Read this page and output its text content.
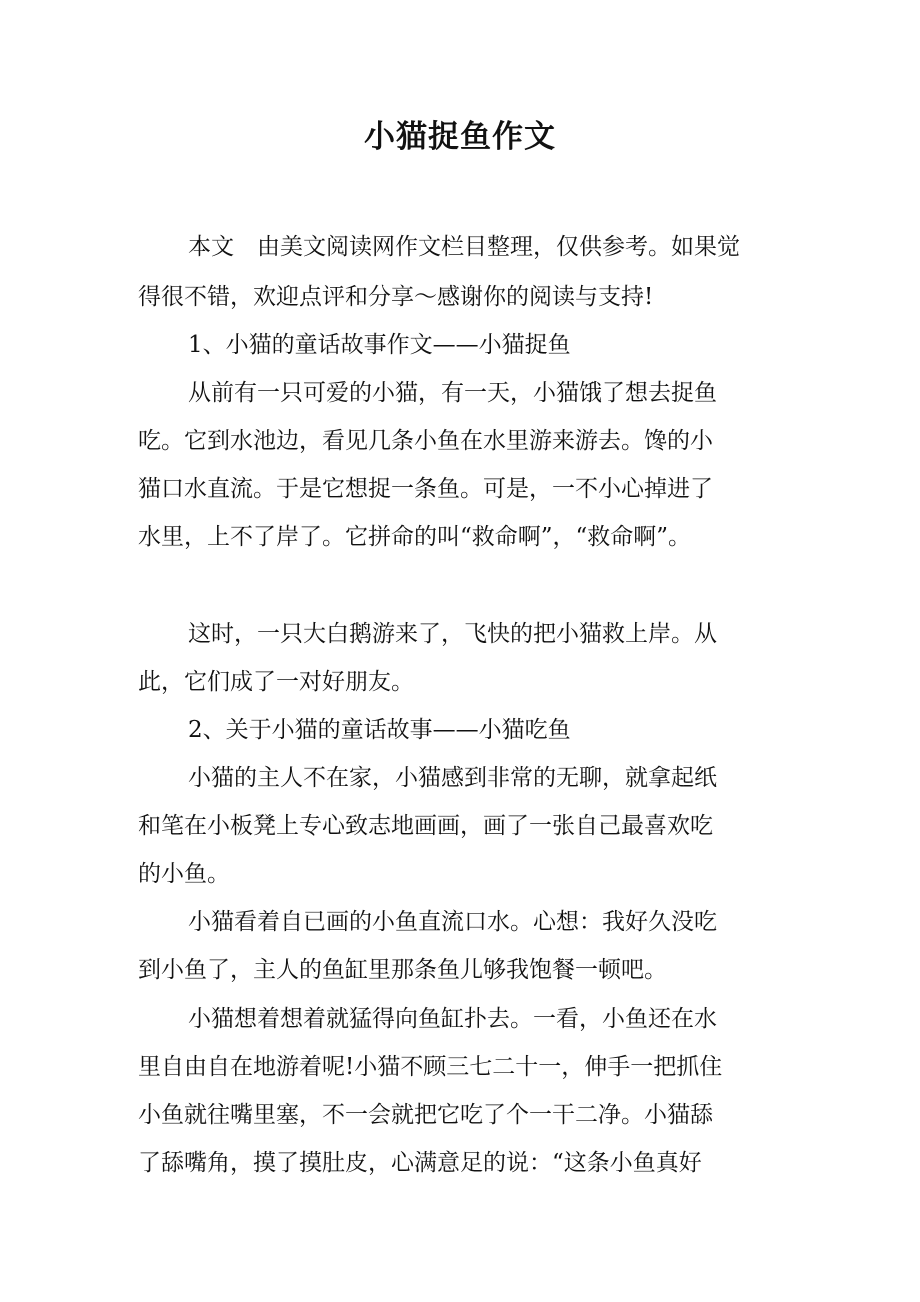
小猫捉鱼作文

本文　由美文阅读网作文栏目整理，仅供参考。如果觉

得很不错，欢迎点评和分享～感谢你的阅读与支持!

1、小猫的童话故事作文——小猫捉鱼

从前有一只可爱的小猫，有一天，小猫饿了想去捉鱼

吃。它到水池边，看见几条小鱼在水里游来游去。馋的小

猫口水直流。于是它想捉一条鱼。可是，一不小心掉进了

水里，上不了岸了。它拼命的叫“救命啊”，“救命啊”。

这时，一只大白鹅游来了，飞快的把小猫救上岸。从

此，它们成了一对好朋友。

2、关于小猫的童话故事——小猫吃鱼

小猫的主人不在家，小猫感到非常的无聊，就拿起纸

和笔在小板凳上专心致志地画画，画了一张自己最喜欢吃

的小鱼。

小猫看着自已画的小鱼直流口水。心想：我好久没吃

到小鱼了，主人的鱼缸里那条鱼儿够我饱餐一顿吧。

小猫想着想着就猛得向鱼缸扑去。一看，小鱼还在水

里自由自在地游着呢!小猫不顾三七二十一，伸手一把抓住

小鱼就往嘴里塞，不一会就把它吃了个一干二净。小猫舔

了舔嘴角，摸了摸肚皮，心满意足的说：“这条小鱼真好
